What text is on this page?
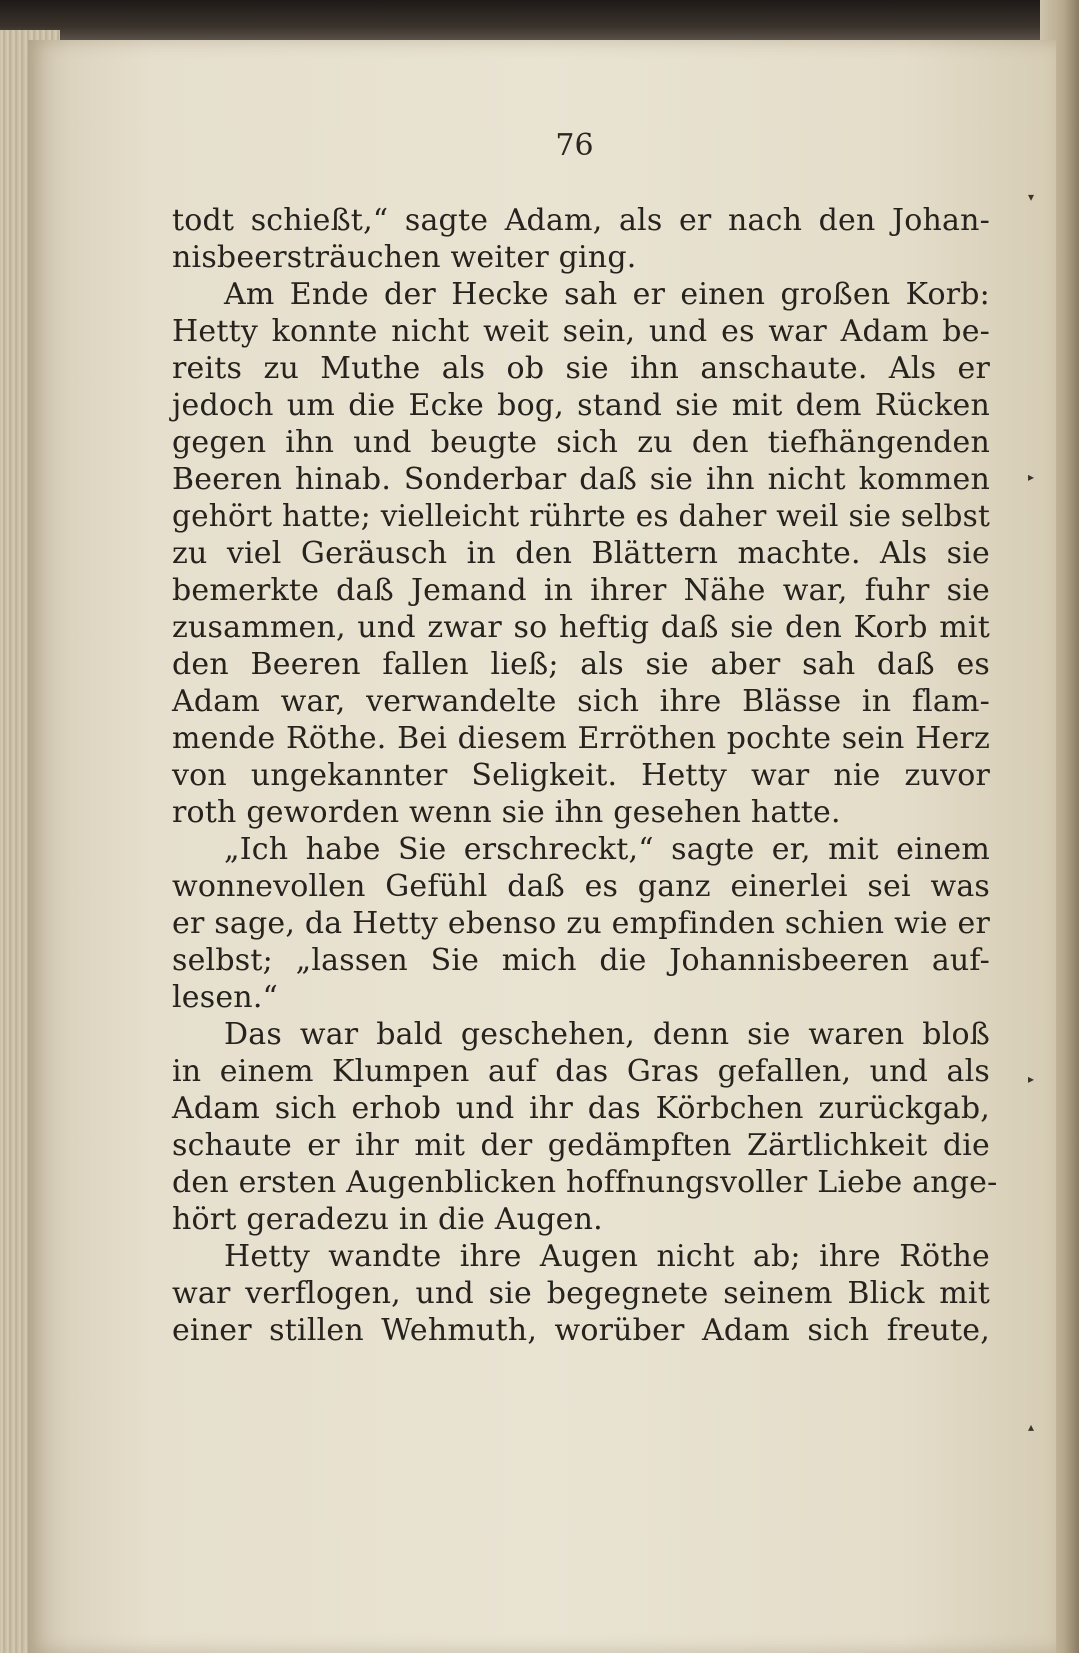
76
todt schießt,“ sagte Adam, als er nach den Johan-
nisbeersträuchen weiter ging.
Am Ende der Hecke sah er einen großen Korb:
Hetty konnte nicht weit sein, und es war Adam be-
reits zu Muthe als ob sie ihn anschaute. Als er
jedoch um die Ecke bog, stand sie mit dem Rücken
gegen ihn und beugte sich zu den tiefhängenden
Beeren hinab. Sonderbar daß sie ihn nicht kommen
gehört hatte; vielleicht rührte es daher weil sie selbst
zu viel Geräusch in den Blättern machte. Als sie
bemerkte daß Jemand in ihrer Nähe war, fuhr sie
zusammen, und zwar so heftig daß sie den Korb mit
den Beeren fallen ließ; als sie aber sah daß es
Adam war, verwandelte sich ihre Blässe in flam-
mende Röthe. Bei diesem Erröthen pochte sein Herz
von ungekannter Seligkeit. Hetty war nie zuvor
roth geworden wenn sie ihn gesehen hatte.
„Ich habe Sie erschreckt,“ sagte er, mit einem
wonnevollen Gefühl daß es ganz einerlei sei was
er sage, da Hetty ebenso zu empfinden schien wie er
selbst; „lassen Sie mich die Johannisbeeren auf-
lesen.“
Das war bald geschehen, denn sie waren bloß
in einem Klumpen auf das Gras gefallen, und als
Adam sich erhob und ihr das Körbchen zurückgab,
schaute er ihr mit der gedämpften Zärtlichkeit die
den ersten Augenblicken hoffnungsvoller Liebe ange-
hört geradezu in die Augen.
Hetty wandte ihre Augen nicht ab; ihre Röthe
war verflogen, und sie begegnete seinem Blick mit
einer stillen Wehmuth, worüber Adam sich freute,
▾
▸
▸
▴
